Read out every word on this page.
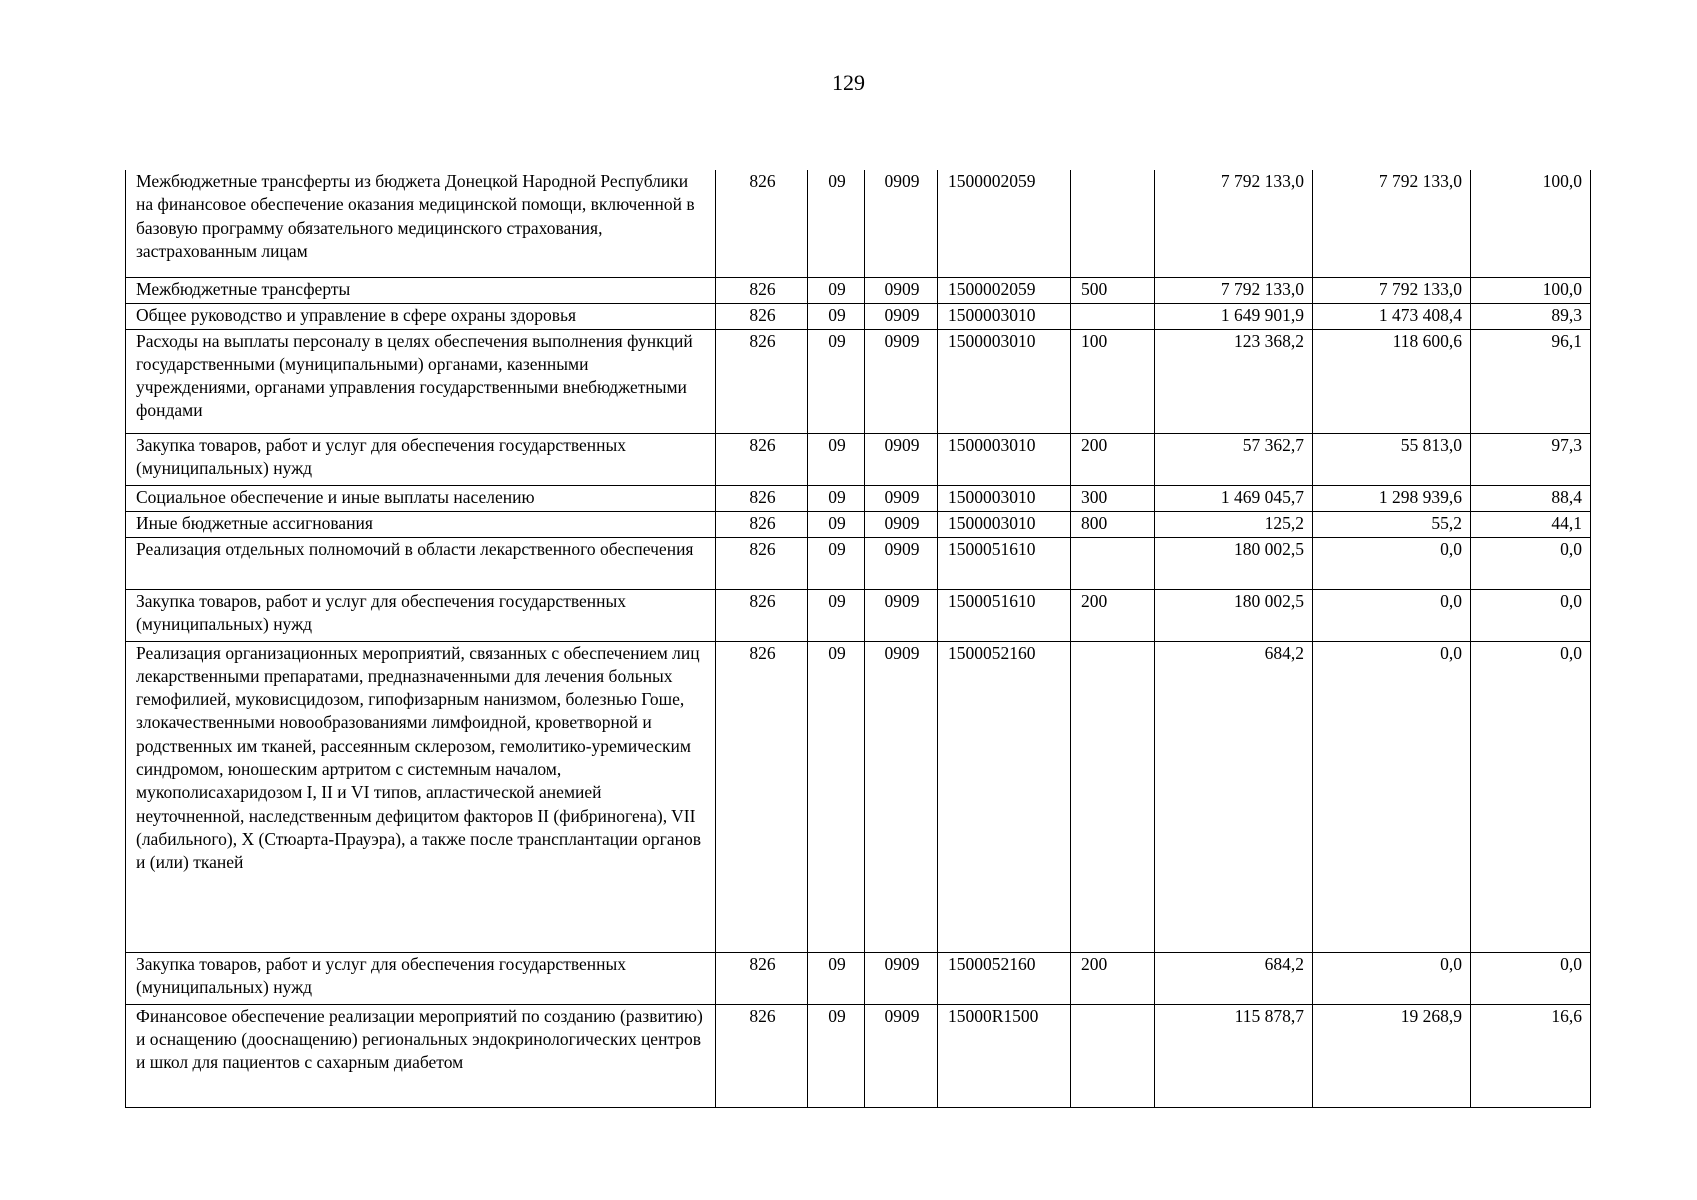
129
Межбюджетные трансферты из бюджета Донецкой Народной Республики на финансовое обеспечение оказания медицинской помощи, включенной в базовую программу обязательного медицинского страхования, застрахованным лицам	826	09	0909	1500002059		7 792 133,0	7 792 133,0	100,0
Межбюджетные трансферты	826	09	0909	1500002059	500	7 792 133,0	7 792 133,0	100,0
Общее руководство и управление в сфере охраны здоровья	826	09	0909	1500003010		1 649 901,9	1 473 408,4	89,3
Расходы на выплаты персоналу в целях обеспечения выполнения функций государственными (муниципальными) органами, казенными учреждениями, органами управления государственными внебюджетными фондами	826	09	0909	1500003010	100	123 368,2	118 600,6	96,1
Закупка товаров, работ и услуг для обеспечения государственных (муниципальных) нужд	826	09	0909	1500003010	200	57 362,7	55 813,0	97,3
Социальное обеспечение и иные выплаты населению	826	09	0909	1500003010	300	1 469 045,7	1 298 939,6	88,4
Иные бюджетные ассигнования	826	09	0909	1500003010	800	125,2	55,2	44,1
Реализация отдельных полномочий в области лекарственного обеспечения	826	09	0909	1500051610		180 002,5	0,0	0,0
Закупка товаров, работ и услуг для обеспечения государственных (муниципальных) нужд	826	09	0909	1500051610	200	180 002,5	0,0	0,0
Реализация организационных мероприятий, связанных с обеспечением лиц лекарственными препаратами, предназначенными для лечения больных гемофилией, муковисцидозом, гипофизарным нанизмом, болезнью Гоше, злокачественными новообразованиями лимфоидной, кроветворной и родственных им тканей, рассеянным склерозом, гемолитико-уремическим синдромом, юношеским артритом с системным началом, мукополисахаридозом I, II и VI типов, апластической анемией неуточненной, наследственным дефицитом факторов II (фибриногена), VII (лабильного), X (Стюарта-Прауэра), а также после трансплантации органов и (или) тканей	826	09	0909	1500052160		684,2	0,0	0,0
Закупка товаров, работ и услуг для обеспечения государственных (муниципальных) нужд	826	09	0909	1500052160	200	684,2	0,0	0,0
Финансовое обеспечение реализации мероприятий по созданию (развитию) и оснащению (дооснащению) региональных эндокринологических центров и школ для пациентов с сахарным диабетом	826	09	0909	15000R1500		115 878,7	19 268,9	16,6
